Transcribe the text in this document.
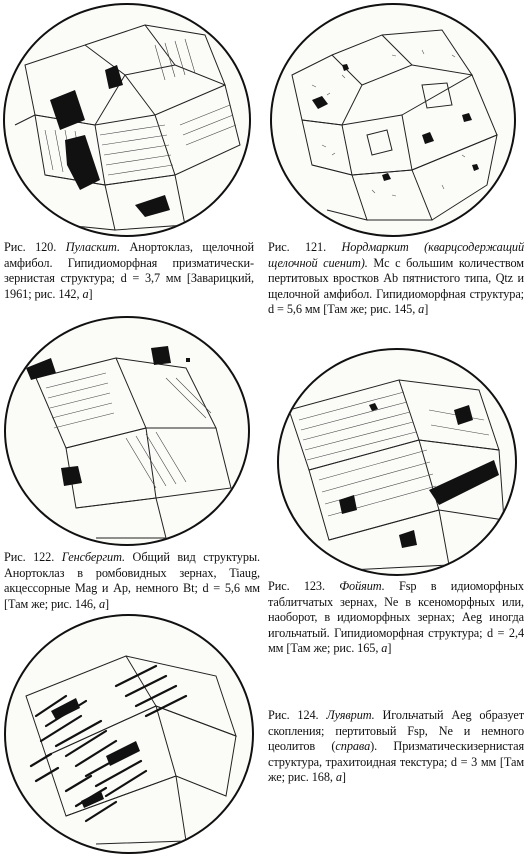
Рис. 120. Пуласкит. Анортоклаз, щелочной амфибол. Гипидиоморфная призматически-зернистая структура; d = 3,7 мм [Заварицкий, 1961; рис. 142, а]
Рис. 121. Нордмаркит (кварцсодержащий щелочной сиенит). Мс с большим количеством пертитовых вростков Ab пятнистого типа, Qtz и щелочной амфибол. Гипидиоморфная структура; d = 5,6 мм [Там же; рис. 145, а]
Рис. 122. Генсбергит. Общий вид структуры. Анортоклаз в ромбовидных зернах, Tiaug, акцессорные Mag и Ap, немного Bt; d = 5,6 мм [Там же; рис. 146, а]
Рис. 123. Фойяит. Fsp в идиоморфных таблитчатых зернах, Ne в ксеноморфных или, наоборот, в идиоморфных зернах; Aeg иногда игольчатый. Гипидиоморфная структура; d = 2,4 мм [Там же; рис. 165, а]
Рис. 124. Луяврит. Игольчатый Aeg образует скопления; пертитовый Fsp, Ne и немного цеолитов (справа). Призматическизернистая структура, трахитоидная текстура; d = 3 мм [Там же; рис. 168, а]
